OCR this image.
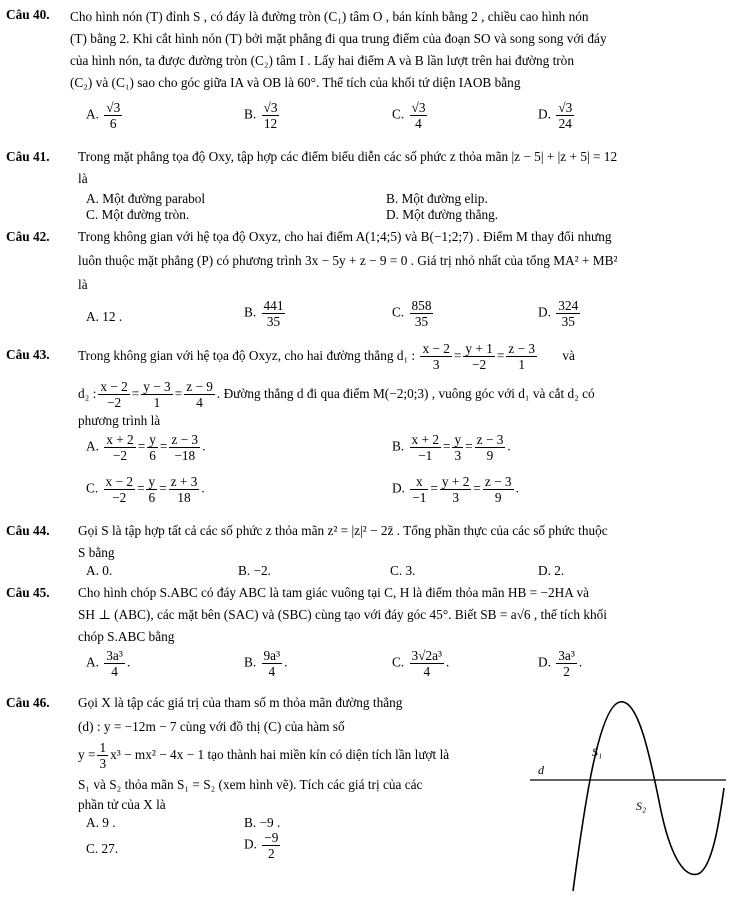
Câu 40. Cho hình nón (T) đỉnh S , có đáy là đường tròn (C₁) tâm O , bán kính bằng 2 , chiều cao hình nón
(T) bằng 2. Khi cắt hình nón (T) bởi mặt phẳng đi qua trung điểm của đoạn SO và song song với đáy
của hình nón, ta được đường tròn (C₂) tâm I . Lấy hai điểm A và B lần lượt trên hai đường tròn
(C₂) và (C₁) sao cho góc giữa IA và OB là 60°. Thể tích của khối tứ diện IAOB bằng
A. $\frac{√3}{6}$	B. $\frac{√3}{12}$	C. $\frac{√3}{4}$	D. $\frac{√3}{24}$
Câu 41. Trong mặt phẳng tọa độ Oxy, tập hợp các điểm biểu diễn các số phức z thỏa mãn |z − 5| + |z + 5| = 12
là
A. Một đường parabol	B. Một đường elip.
C. Một đường tròn.	D. Một đường thẳng.
Câu 42. Trong không gian với hệ tọa độ Oxyz, cho hai điểm A(1;4;5) và B(−1;2;7) . Điểm M thay đổi nhưng
luôn thuộc mặt phẳng (P) có phương trình 3x − 5y + z − 9 = 0 . Giá trị nhỏ nhất của tổng MA² + MB²
là
A. 12 .	B. $\frac{441}{35}$	C. $\frac{858}{35}$	D. $\frac{324}{35}$
Câu 43. Trong không gian với hệ tọa độ Oxyz, cho hai đường thẳng d₁ : $\frac{x - 2}{3} = \frac{y + 1}{-2} = \frac{z - 3}{1}$ và
d₂ : $\frac{x - 2}{-2} = \frac{y - 3}{1} = \frac{z - 9}{4}$ . Đường thẳng d đi qua điểm M(−2;0;3) , vuông góc với d₁ và cắt d₂ có
phương trình là
A. $\frac{x + 2}{-2} = \frac{y}{6} = \frac{z - 3}{-18}$ .	B. $\frac{x + 2}{-1} = \frac{y}{3} = \frac{z - 3}{9}$ .
C. $\frac{x - 2}{-2} = \frac{y}{6} = \frac{z + 3}{18}$ .	D. $\frac{x}{-1} = \frac{y + 2}{3} = \frac{z - 3}{9}$ .
Câu 44. Gọi S là tập hợp tất cả các số phức z thỏa mãn z² = |z|² − 2z̄ . Tổng phần thực của các số phức thuộc
S bằng
A. 0.	B. −2.	C. 3.	D. 2.
Câu 45. Cho hình chóp S.ABC có đáy ABC là tam giác vuông tại C, H là điểm thỏa mãn HB = −2HA và
SH ⊥ (ABC), các mặt bên (SAC) và (SBC) cùng tạo với đáy góc 45°. Biết SB = a√6 , thể tích khối
chóp S.ABC bằng
A. $\frac{\text{3a³}}{4}$ .	B. $\frac{\text{9a³}}{4}$ .	C. $\frac{\text{3√2a³}}{4}$ .	D. $\frac{\text{3a³}}{2}$ .
Câu 46. Gọi X là tập các giá trị của tham số m thỏa mãn đường thẳng
(d) : y = −12m − 7 cùng với đồ thị (C) của hàm số
$y = \frac{1}{3} x^3 - mx^2 - 4x - 1$ tạo thành hai miền kín có diện tích lần lượt là
S₁ và S₂ thỏa mãn S₁ = S₂ (xem hình vẽ). Tích các giá trị của các
phần tử của X là
A. 9 .	B. −9 .
C. 27.	D. $\frac{-9}{2}$
S₁
d
S₂
